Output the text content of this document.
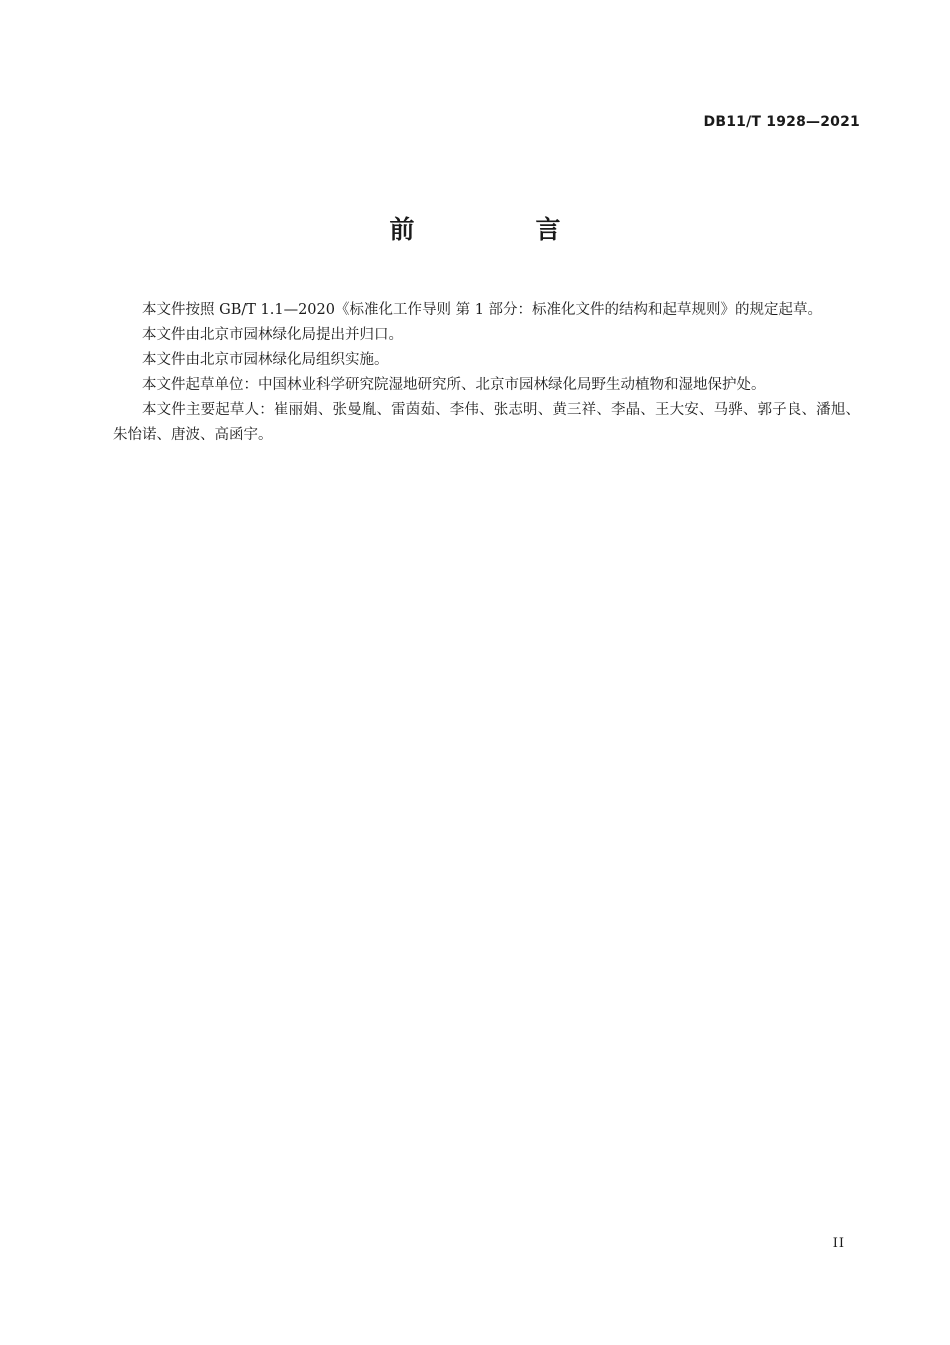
DB11/T 1928—2021
前　言

本文件按照 GB/T 1.1—2020《标准化工作导则 第 1 部分：标准化文件的结构和起草规则》的规定起草。

本文件由北京市园林绿化局提出并归口。

本文件由北京市园林绿化局组织实施。

本文件起草单位：中国林业科学研究院湿地研究所、北京市园林绿化局野生动植物和湿地保护处。

本文件主要起草人：崔丽娟、张曼胤、雷茵茹、李伟、张志明、黄三祥、李晶、王大安、马骅、郭子良、潘旭、朱怡诺、唐波、高函宇。

II
